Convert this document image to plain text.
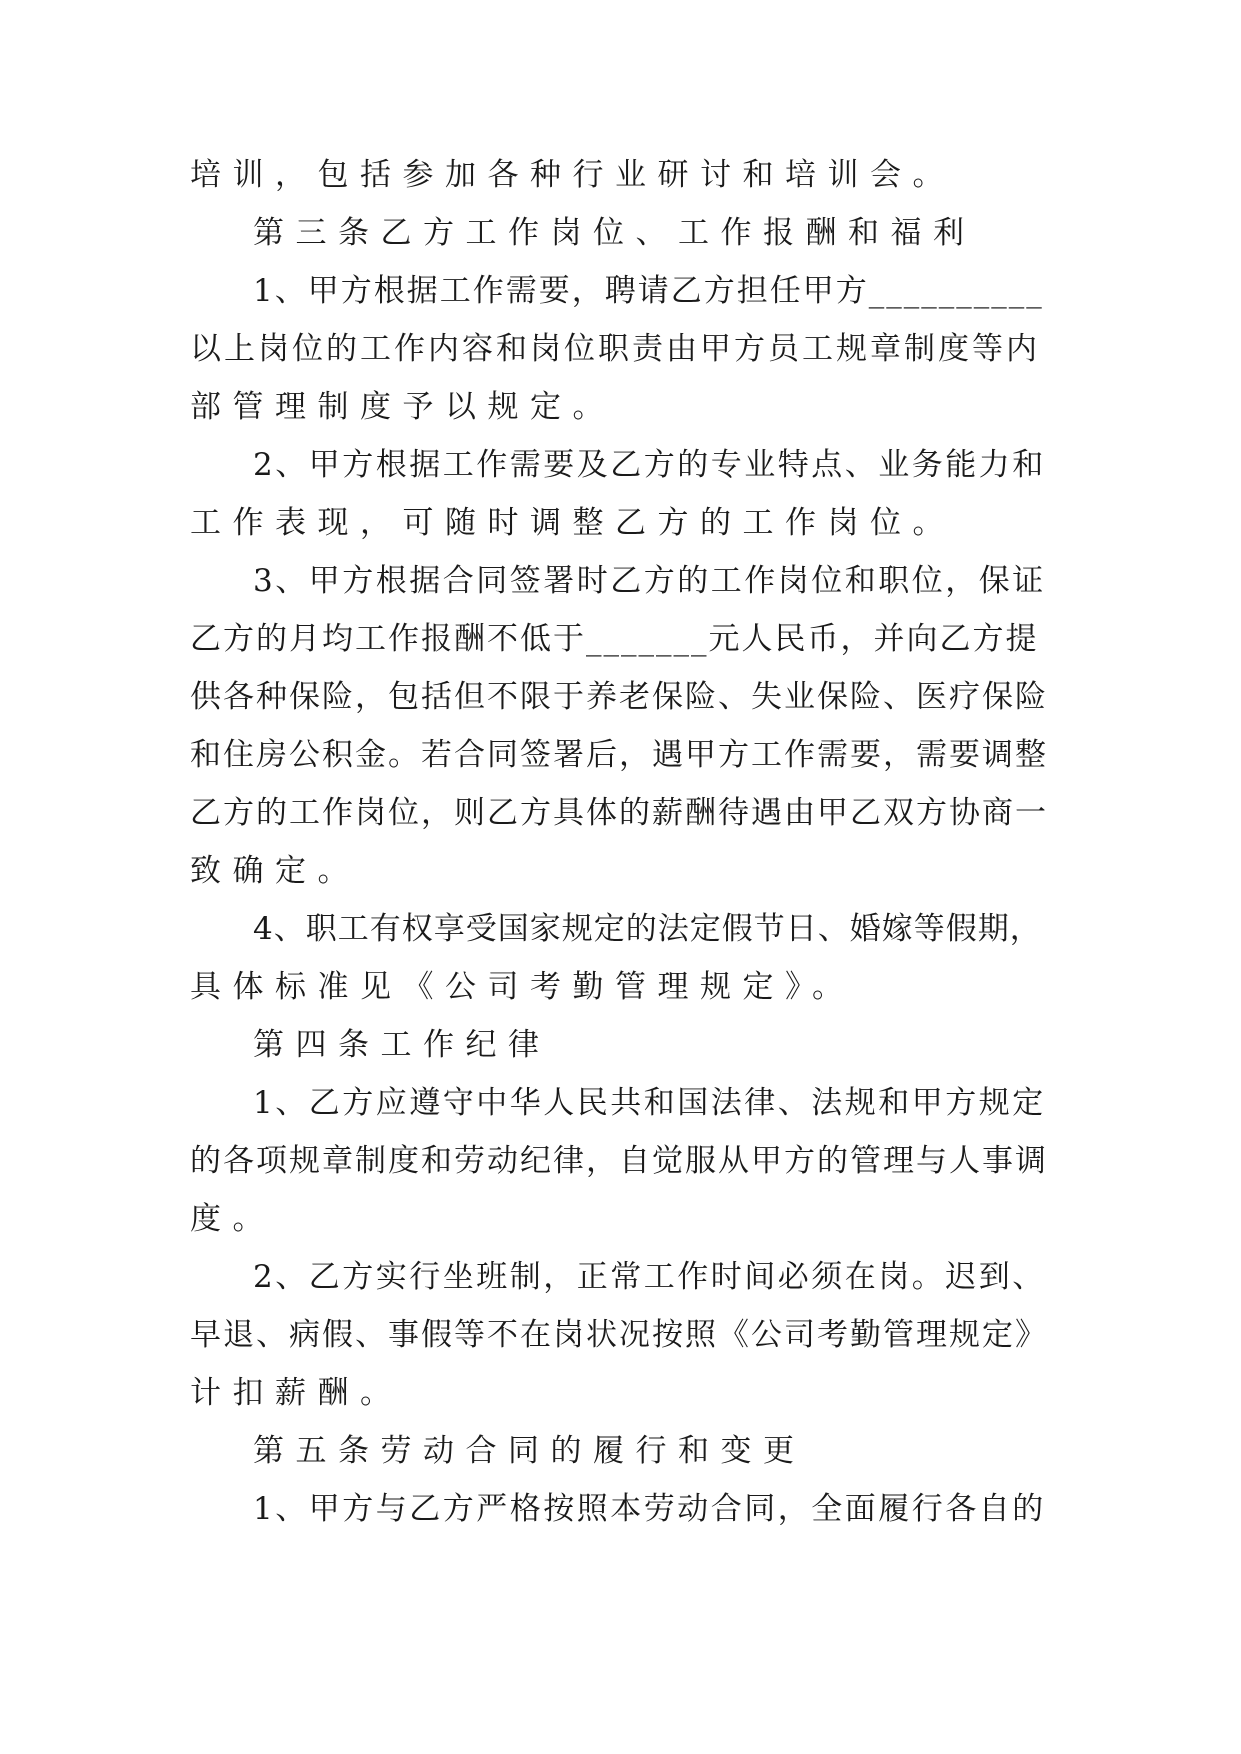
培训，包括参加各种行业研讨和培训会。
第三条乙方工作岗位、工作报酬和福利
1、甲方根据工作需要，聘请乙方担任甲方__________
以上岗位的工作内容和岗位职责由甲方员工规章制度等内
部管理制度予以规定。
2、甲方根据工作需要及乙方的专业特点、业务能力和
工作表现，可随时调整乙方的工作岗位。
3、甲方根据合同签署时乙方的工作岗位和职位，保证
乙方的月均工作报酬不低于_______元人民币，并向乙方提
供各种保险，包括但不限于养老保险、失业保险、医疗保险
和住房公积金。若合同签署后，遇甲方工作需要，需要调整
乙方的工作岗位，则乙方具体的薪酬待遇由甲乙双方协商一
致确定。
4、职工有权享受国家规定的法定假节日、婚嫁等假期，
具体标准见《公司考勤管理规定》。
第四条工作纪律
1、乙方应遵守中华人民共和国法律、法规和甲方规定
的各项规章制度和劳动纪律，自觉服从甲方的管理与人事调
度。
2、乙方实行坐班制，正常工作时间必须在岗。迟到、
早退、病假、事假等不在岗状况按照《公司考勤管理规定》
计扣薪酬。
第五条劳动合同的履行和变更
1、甲方与乙方严格按照本劳动合同，全面履行各自的
